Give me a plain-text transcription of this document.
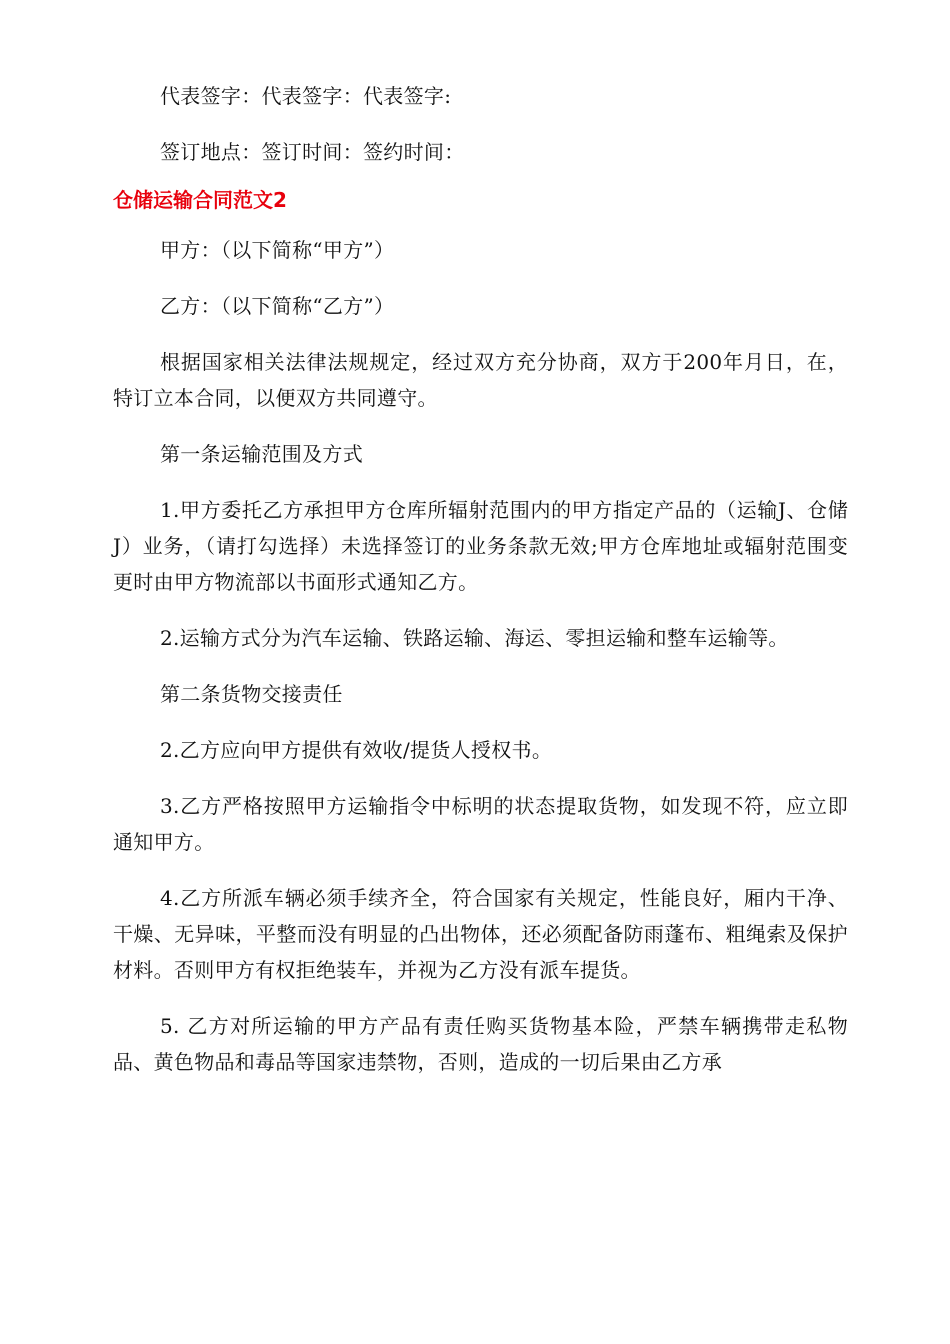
代表签字：代表签字：代表签字:

签订地点：签订时间：签约时间：

仓储运输合同范文2

甲方：（以下简称“甲方”）

乙方：（以下简称“乙方”）

根据国家相关法律法规规定，经过双方充分协商，双方于200年月日，在，特订立本合同，以便双方共同遵守。

第一条运输范围及方式

1.甲方委托乙方承担甲方仓库所辐射范围内的甲方指定产品的（运输J、仓储J）业务，（请打勾选择）未选择签订的业务条款无效;甲方仓库地址或辐射范围变更时由甲方物流部以书面形式通知乙方。

2.运输方式分为汽车运输、铁路运输、海运、零担运输和整车运输等。

第二条货物交接责任

2.乙方应向甲方提供有效收/提货人授权书。

3.乙方严格按照甲方运输指令中标明的状态提取货物，如发现不符，应立即通知甲方。

4.乙方所派车辆必须手续齐全，符合国家有关规定，性能良好，厢内干净、干燥、无异味，平整而没有明显的凸出物体，还必须配备防雨蓬布、粗绳索及保护材料。否则甲方有权拒绝装车，并视为乙方没有派车提货。

5. 乙方对所运输的甲方产品有责任购买货物基本险，严禁车辆携带走私物品、黄色物品和毒品等国家违禁物，否则，造成的一切后果由乙方承
